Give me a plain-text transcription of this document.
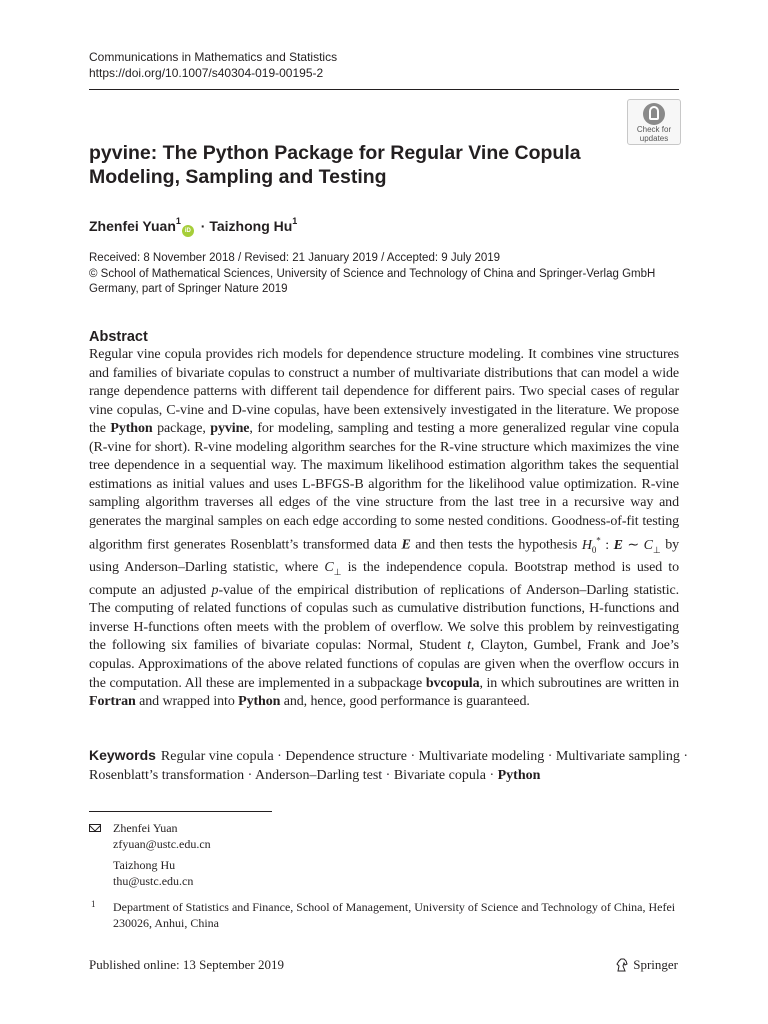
Communications in Mathematics and Statistics
https://doi.org/10.1007/s40304-019-00195-2
Check for
updates
pyvine: The Python Package for Regular Vine Copula
Modeling, Sampling and Testing
Zhenfei Yuan$^1$iD · Taizhong Hu$^1$
Received: 8 November 2018 / Revised: 21 January 2019 / Accepted: 9 July 2019
© School of Mathematical Sciences, University of Science and Technology of China and Springer-Verlag GmbH
Germany, part of Springer Nature 2019
Abstract
Regular vine copula provides rich models for dependence structure modeling. It combines vine structures and families of bivariate copulas to construct a number of multivariate distributions that can model a wide range dependence patterns with different tail dependence for different pairs. Two special cases of regular vine copulas, C-vine and D-vine copulas, have been extensively investigated in the literature. We propose the Python package, pyvine, for modeling, sampling and testing a more generalized regular vine copula (R-vine for short). R-vine modeling algorithm searches for the R-vine structure which maximizes the vine tree dependence in a sequential way. The maximum likelihood estimation algorithm takes the sequential estimations as initial values and uses L-BFGS-B algorithm for the likelihood value optimization. R-vine sampling algorithm traverses all edges of the vine structure from the last tree in a recursive way and generates the marginal samples on each edge according to some nested conditions. Goodness-of-fit testing algorithm first generates Rosenblatt’s transformed data E and then tests the hypothesis $H_0^*$ : E ∼ $C_\perp$ by using Anderson–Darling statistic, where $C_\perp$ is the independence copula. Bootstrap method is used to compute an adjusted p-value of the empirical distribution of replications of Anderson–Darling statistic. The computing of related functions of copulas such as cumulative distribution functions, H-functions and inverse H-functions often meets with the problem of overflow. We solve this problem by reinvestigating the following six families of bivariate copulas: Normal, Student t, Clayton, Gumbel, Frank and Joe’s copulas. Approximations of the above related functions of copulas are given when the overflow occurs in the computation. All these are implemented in a subpackage bvcopula, in which subroutines are written in Fortran and wrapped into Python and, hence, good performance is guaranteed.
Keywords Regular vine copula · Dependence structure · Multivariate modeling · Multivariate sampling · Rosenblatt’s transformation · Anderson–Darling test · Bivariate copula · Python
Zhenfei Yuan
zfyuan@ustc.edu.cn
Taizhong Hu
thu@ustc.edu.cn
1 Department of Statistics and Finance, School of Management, University of Science and Technology of China, Hefei 230026, Anhui, China
Published online: 13 September 2019	Springer
